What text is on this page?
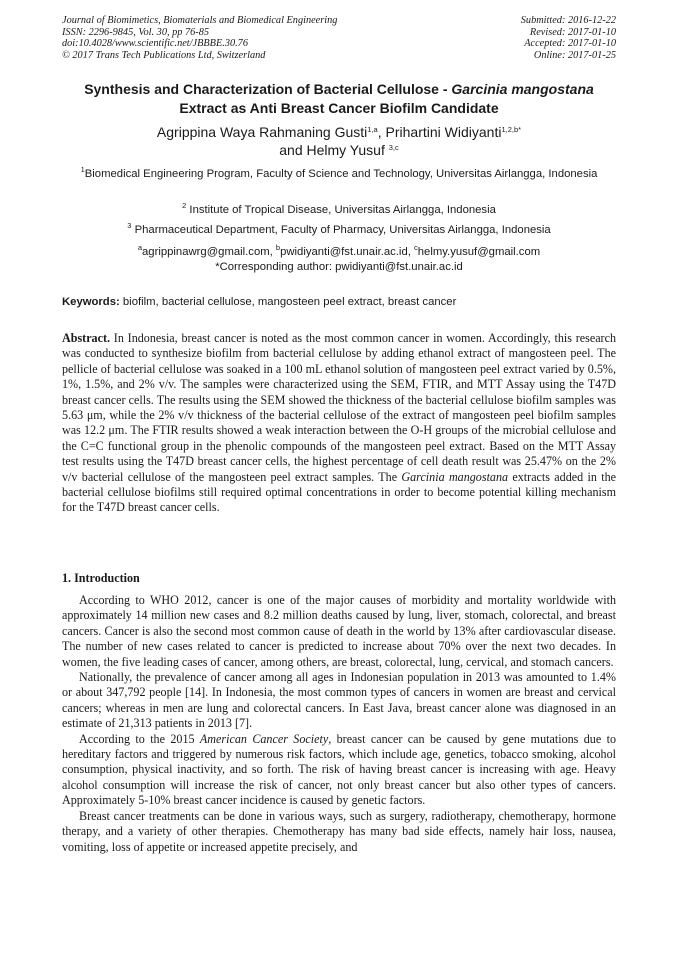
Journal of Biomimetics, Biomaterials and Biomedical Engineering
ISSN: 2296-9845, Vol. 30, pp 76-85
doi:10.4028/www.scientific.net/JBBBE.30.76
© 2017 Trans Tech Publications Ltd, Switzerland
Submitted: 2016-12-22
Revised: 2017-01-10
Accepted: 2017-01-10
Online: 2017-01-25
Synthesis and Characterization of Bacterial Cellulose - Garcinia mangostana Extract as Anti Breast Cancer Biofilm Candidate
Agrippina Waya Rahmaning Gusti$^{1,a}$, Prihartini Widiyanti$^{1,2,b*}$
and Helmy Yusuf $^{3,c}$
$^1$Biomedical Engineering Program, Faculty of Science and Technology, Universitas Airlangga, Indonesia
$^2$ Institute of Tropical Disease, Universitas Airlangga, Indonesia
$^3$ Pharmaceutical Department, Faculty of Pharmacy, Universitas Airlangga, Indonesia
$^a$agrippinawrg@gmail.com, $^b$pwidiyanti@fst.unair.ac.id, $^c$helmy.yusuf@gmail.com
*Corresponding author: pwidiyanti@fst.unair.ac.id
Keywords: biofilm, bacterial cellulose, mangosteen peel extract, breast cancer
Abstract. In Indonesia, breast cancer is noted as the most common cancer in women. Accordingly, this research was conducted to synthesize biofilm from bacterial cellulose by adding ethanol extract of mangosteen peel. The pellicle of bacterial cellulose was soaked in a 100 mL ethanol solution of mangosteen peel extract varied by 0.5%, 1%, 1.5%, and 2% v/v. The samples were characterized using the SEM, FTIR, and MTT Assay using the T47D breast cancer cells. The results using the SEM showed the thickness of the bacterial cellulose biofilm samples was 5.63 μm, while the 2% v/v thickness of the bacterial cellulose of the extract of mangosteen peel biofilm samples was 12.2 μm. The FTIR results showed a weak interaction between the O-H groups of the microbial cellulose and the C=C functional group in the phenolic compounds of the mangosteen peel extract. Based on the MTT Assay test results using the T47D breast cancer cells, the highest percentage of cell death result was 25.47% on the 2% v/v bacterial cellulose of the mangosteen peel extract samples. The Garcinia mangostana extracts added in the bacterial cellulose biofilms still required optimal concentrations in order to become potential killing mechanism for the T47D breast cancer cells.
1. Introduction

According to WHO 2012, cancer is one of the major causes of morbidity and mortality worldwide with approximately 14 million new cases and 8.2 million deaths caused by lung, liver, stomach, colorectal, and breast cancers. Cancer is also the second most common cause of death in the world by 13% after cardiovascular disease. The number of new cases related to cancer is predicted to increase about 70% over the next two decades. In women, the five leading cases of cancer, among others, are breast, colorectal, lung, cervical, and stomach cancers.

Nationally, the prevalence of cancer among all ages in Indonesian population in 2013 was amounted to 1.4% or about 347,792 people [14]. In Indonesia, the most common types of cancers in women are breast and cervical cancers; whereas in men are lung and colorectal cancers. In East Java, breast cancer alone was diagnosed in an estimate of 21,313 patients in 2013 [7].

According to the 2015 American Cancer Society, breast cancer can be caused by gene mutations due to hereditary factors and triggered by numerous risk factors, which include age, genetics, tobacco smoking, alcohol consumption, physical inactivity, and so forth. The risk of having breast cancer is increasing with age. Heavy alcohol consumption will increase the risk of cancer, not only breast cancer but also other types of cancers. Approximately 5-10% breast cancer incidence is caused by genetic factors.

Breast cancer treatments can be done in various ways, such as surgery, radiotherapy, chemotherapy, hormone therapy, and a variety of other therapies. Chemotherapy has many bad side effects, namely hair loss, nausea, vomiting, loss of appetite or increased appetite precisely, and
